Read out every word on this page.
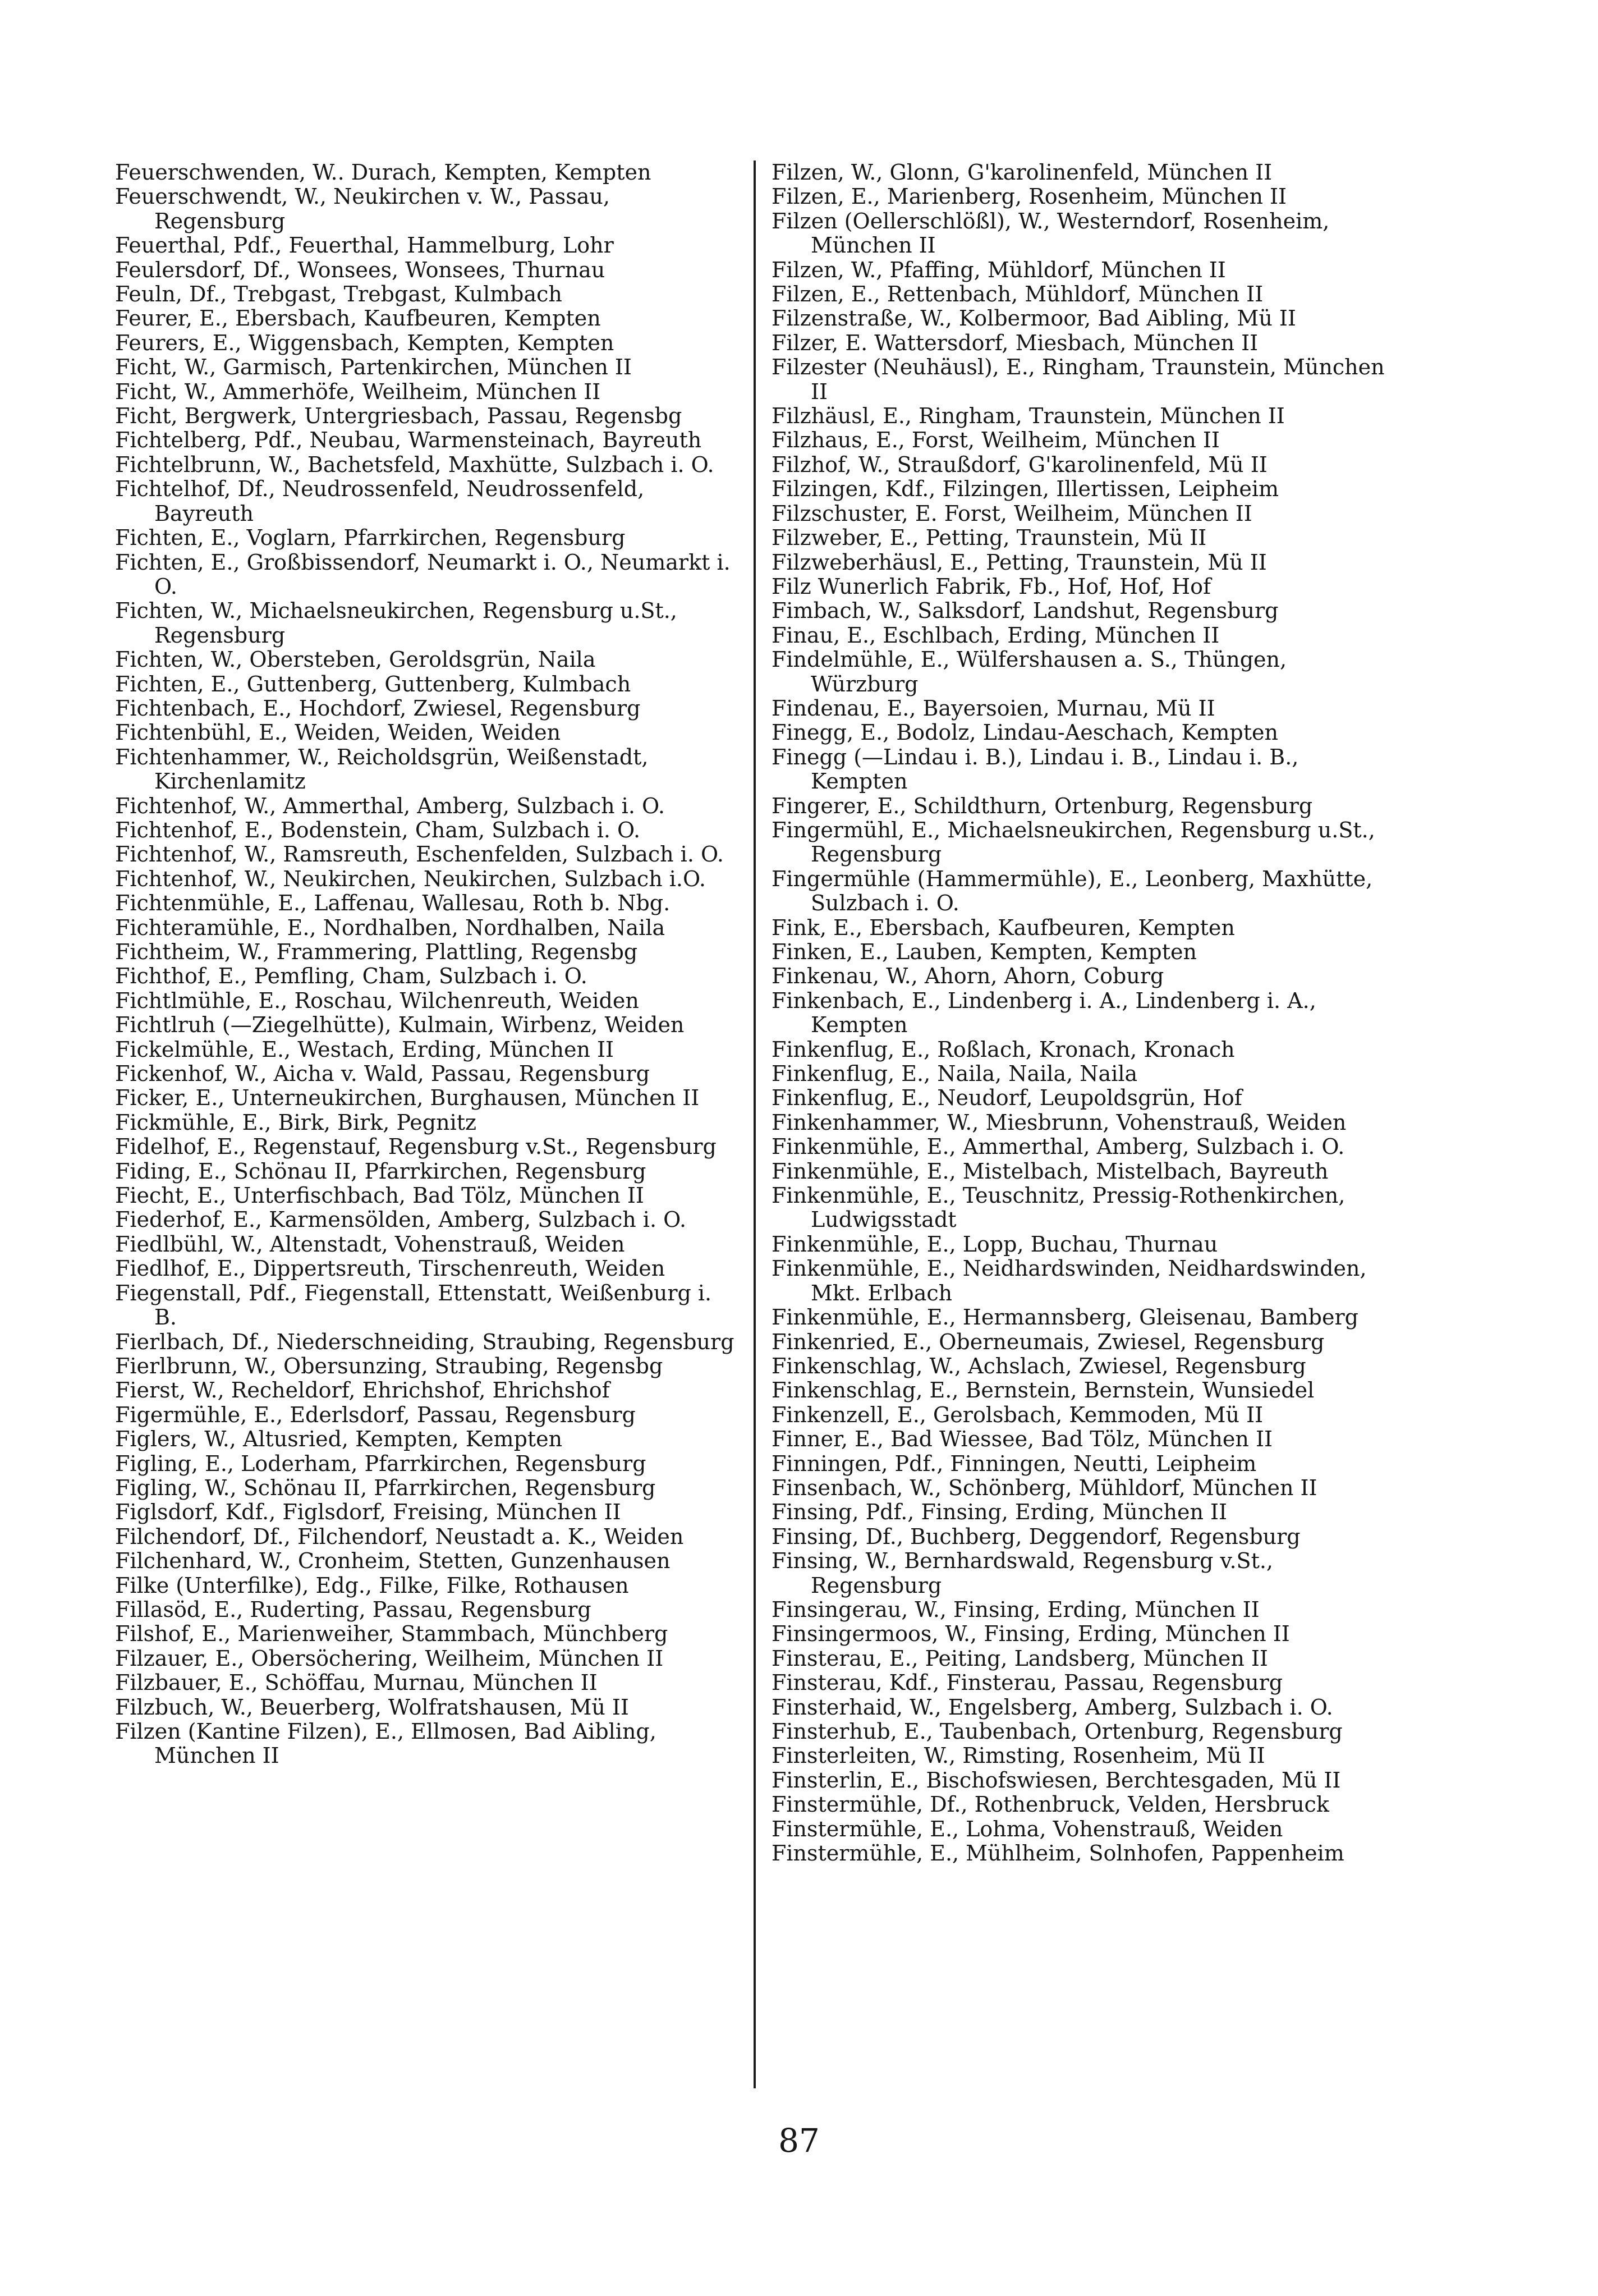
Feuerschwenden, W.. Durach, Kempten, Kempten
Feuerschwendt, W., Neukirchen v. W., Passau, Regensburg
Feuerthal, Pdf., Feuerthal, Hammelburg, Lohr
Feulersdorf, Df., Wonsees, Wonsees, Thurnau
Feuln, Df., Trebgast, Trebgast, Kulmbach
Feurer, E., Ebersbach, Kaufbeuren, Kempten
Feurers, E., Wiggensbach, Kempten, Kempten
Ficht, W., Garmisch, Partenkirchen, München II
Ficht, W., Ammerhöfe, Weilheim, München II
Ficht, Bergwerk, Untergriesbach, Passau, Regensbg
Fichtelberg, Pdf., Neubau, Warmensteinach, Bayreuth
Fichtelbrunn, W., Bachetsfeld, Maxhütte, Sulzbach i. O.
Fichtelhof, Df., Neudrossenfeld, Neudrossenfeld, Bayreuth
Fichten, E., Voglarn, Pfarrkirchen, Regensburg
Fichten, E., Großbissendorf, Neumarkt i. O., Neumarkt i. O.
Fichten, W., Michaelsneukirchen, Regensburg u.St., Regensburg
Fichten, W., Obersteben, Geroldsgrün, Naila
Fichten, E., Guttenberg, Guttenberg, Kulmbach
Fichtenbach, E., Hochdorf, Zwiesel, Regensburg
Fichtenbühl, E., Weiden, Weiden, Weiden
Fichtenhammer, W., Reicholdsgrün, Weißenstadt, Kirchenlamitz
Fichtenhof, W., Ammerthal, Amberg, Sulzbach i. O.
Fichtenhof, E., Bodenstein, Cham, Sulzbach i. O.
Fichtenhof, W., Ramsreuth, Eschenfelden, Sulzbach i. O.
Fichtenhof, W., Neukirchen, Neukirchen, Sulzbach i.O.
Fichtenmühle, E., Laffenau, Wallesau, Roth b. Nbg.
Fichteramühle, E., Nordhalben, Nordhalben, Naila
Fichtheim, W., Frammering, Plattling, Regensbg
Fichthof, E., Pemfling, Cham, Sulzbach i. O.
Fichtlmühle, E., Roschau, Wilchenreuth, Weiden
Fichtlruh (—Ziegelhütte), Kulmain, Wirbenz, Weiden
Fickelmühle, E., Westach, Erding, München II
Fickenhof, W., Aicha v. Wald, Passau, Regensburg
Ficker, E., Unterneukirchen, Burghausen, München II
Fickmühle, E., Birk, Birk, Pegnitz
Fidelhof, E., Regenstauf, Regensburg v.St., Regensburg
Fiding, E., Schönau II, Pfarrkirchen, Regensburg
Fiecht, E., Unterfischbach, Bad Tölz, München II
Fiederhof, E., Karmensölden, Amberg, Sulzbach i. O.
Fiedlbühl, W., Altenstadt, Vohenstrauß, Weiden
Fiedlhof, E., Dippertsreuth, Tirschenreuth, Weiden
Fiegenstall, Pdf., Fiegenstall, Ettenstatt, Weißenburg i. B.
Fierlbach, Df., Niederschneiding, Straubing, Regensburg
Fierlbrunn, W., Obersunzing, Straubing, Regensbg
Fierst, W., Recheldorf, Ehrichshof, Ehrichshof
Figermühle, E., Ederlsdorf, Passau, Regensburg
Figlers, W., Altusried, Kempten, Kempten
Figling, E., Loderham, Pfarrkirchen, Regensburg
Figling, W., Schönau II, Pfarrkirchen, Regensburg
Figlsdorf, Kdf., Figlsdorf, Freising, München II
Filchendorf, Df., Filchendorf, Neustadt a. K., Weiden
Filchenhard, W., Cronheim, Stetten, Gunzenhausen
Filke (Unterfilke), Edg., Filke, Filke, Rothausen
Fillasöd, E., Ruderting, Passau, Regensburg
Filshof, E., Marienweiher, Stammbach, Münchberg
Filzauer, E., Obersöchering, Weilheim, München II
Filzbauer, E., Schöffau, Murnau, München II
Filzbuch, W., Beuerberg, Wolfratshausen, Mü II
Filzen (Kantine Filzen), E., Ellmosen, Bad Aibling, München II
Filzen, W., Glonn, G'karolinenfeld, München II
Filzen, E., Marienberg, Rosenheim, München II
Filzen (Oellerschlößl), W., Westerndorf, Rosenheim, München II
Filzen, W., Pfaffing, Mühldorf, München II
Filzen, E., Rettenbach, Mühldorf, München II
Filzenstraße, W., Kolbermoor, Bad Aibling, Mü II
Filzer, E. Wattersdorf, Miesbach, München II
Filzester (Neuhäusl), E., Ringham, Traunstein, München II
Filzhäusl, E., Ringham, Traunstein, München II
Filzhaus, E., Forst, Weilheim, München II
Filzhof, W., Straußdorf, G'karolinenfeld, Mü II
Filzingen, Kdf., Filzingen, Illertissen, Leipheim
Filzschuster, E. Forst, Weilheim, München II
Filzweber, E., Petting, Traunstein, Mü II
Filzweberhäusl, E., Petting, Traunstein, Mü II
Filz Wunerlich Fabrik, Fb., Hof, Hof, Hof
Fimbach, W., Salksdorf, Landshut, Regensburg
Finau, E., Eschlbach, Erding, München II
Findelmühle, E., Wülfershausen a. S., Thüngen, Würzburg
Findenau, E., Bayersoien, Murnau, Mü II
Finegg, E., Bodolz, Lindau-Aeschach, Kempten
Finegg (—Lindau i. B.), Lindau i. B., Lindau i. B., Kempten
Fingerer, E., Schildthurn, Ortenburg, Regensburg
Fingermühl, E., Michaelsneukirchen, Regensburg u.St., Regensburg
Fingermühle (Hammermühle), E., Leonberg, Maxhütte, Sulzbach i. O.
Fink, E., Ebersbach, Kaufbeuren, Kempten
Finken, E., Lauben, Kempten, Kempten
Finkenau, W., Ahorn, Ahorn, Coburg
Finkenbach, E., Lindenberg i. A., Lindenberg i. A., Kempten
Finkenflug, E., Roßlach, Kronach, Kronach
Finkenflug, E., Naila, Naila, Naila
Finkenflug, E., Neudorf, Leupoldsgrün, Hof
Finkenhammer, W., Miesbrunn, Vohenstrauß, Weiden
Finkenmühle, E., Ammerthal, Amberg, Sulzbach i. O.
Finkenmühle, E., Mistelbach, Mistelbach, Bayreuth
Finkenmühle, E., Teuschnitz, Pressig-Rothenkirchen, Ludwigsstadt
Finkenmühle, E., Lopp, Buchau, Thurnau
Finkenmühle, E., Neidhardswinden, Neidhardswinden, Mkt. Erlbach
Finkenmühle, E., Hermannsberg, Gleisenau, Bamberg
Finkenried, E., Oberneumais, Zwiesel, Regensburg
Finkenschlag, W., Achslach, Zwiesel, Regensburg
Finkenschlag, E., Bernstein, Bernstein, Wunsiedel
Finkenzell, E., Gerolsbach, Kemmoden, Mü II
Finner, E., Bad Wiessee, Bad Tölz, München II
Finningen, Pdf., Finningen, Neutti, Leipheim
Finsenbach, W., Schönberg, Mühldorf, München II
Finsing, Pdf., Finsing, Erding, München II
Finsing, Df., Buchberg, Deggendorf, Regensburg
Finsing, W., Bernhardswald, Regensburg v.St., Regensburg
Finsingerau, W., Finsing, Erding, München II
Finsingermoos, W., Finsing, Erding, München II
Finsterau, E., Peiting, Landsberg, München II
Finsterau, Kdf., Finsterau, Passau, Regensburg
Finsterhaid, W., Engelsberg, Amberg, Sulzbach i. O.
Finsterhub, E., Taubenbach, Ortenburg, Regensburg
Finsterleiten, W., Rimsting, Rosenheim, Mü II
Finsterlin, E., Bischofswiesen, Berchtesgaden, Mü II
Finstermühle, Df., Rothenbruck, Velden, Hersbruck
Finstermühle, E., Lohma, Vohenstrauß, Weiden
Finstermühle, E., Mühlheim, Solnhofen, Pappenheim
87
